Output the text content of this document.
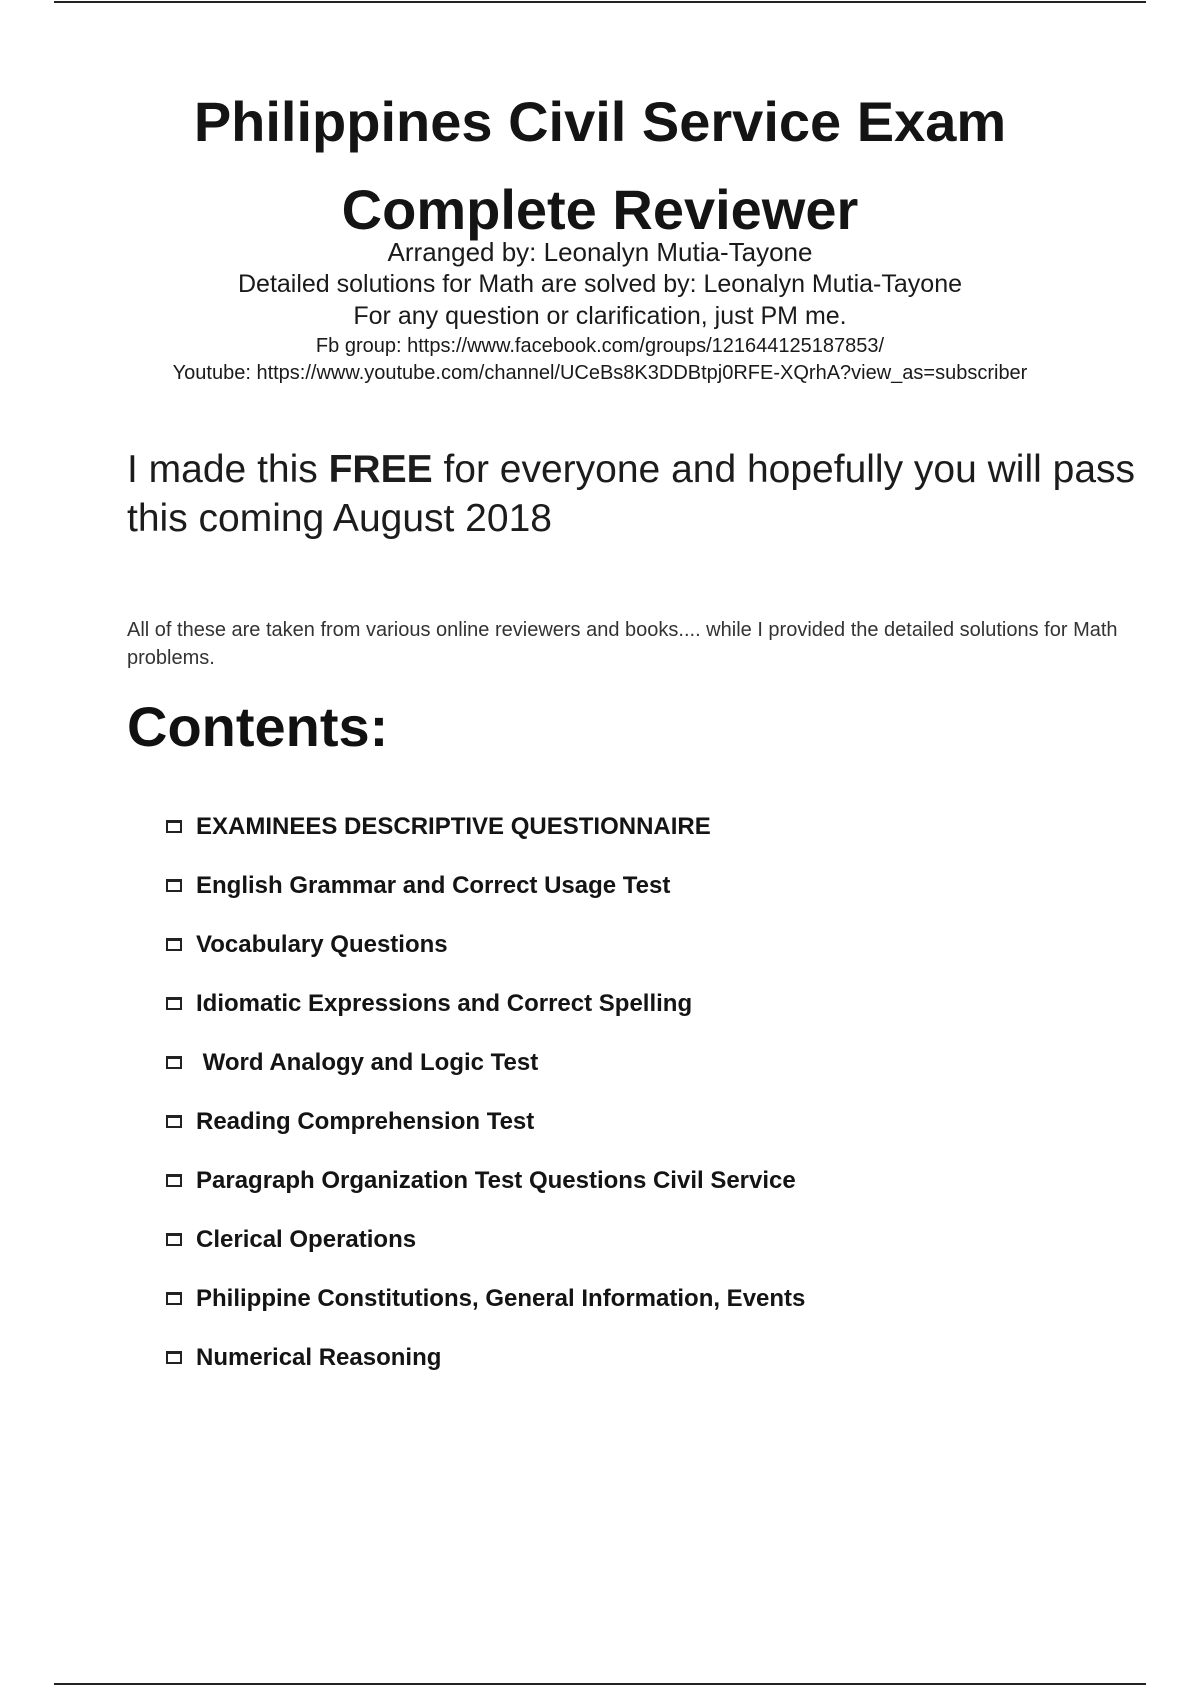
Philippines Civil Service Exam
Complete Reviewer
Arranged by: Leonalyn Mutia-Tayone
Detailed solutions for Math are solved by: Leonalyn Mutia-Tayone
For any question or clarification, just PM me.
Fb group: https://www.facebook.com/groups/121644125187853/
Youtube: https://www.youtube.com/channel/UCeBs8K3DDBtpj0RFE-XQrhA?view_as=subscriber

I made this FREE for everyone and hopefully you will pass this coming August 2018

All of these are taken from various online reviewers and books.... while I provided the detailed solutions for Math problems.

Contents:
EXAMINEES DESCRIPTIVE QUESTIONNAIRE
English Grammar and Correct Usage Test
Vocabulary Questions
Idiomatic Expressions and Correct Spelling
Word Analogy and Logic Test
Reading Comprehension Test
Paragraph Organization Test Questions Civil Service
Clerical Operations
Philippine Constitutions, General Information, Events
Numerical Reasoning
